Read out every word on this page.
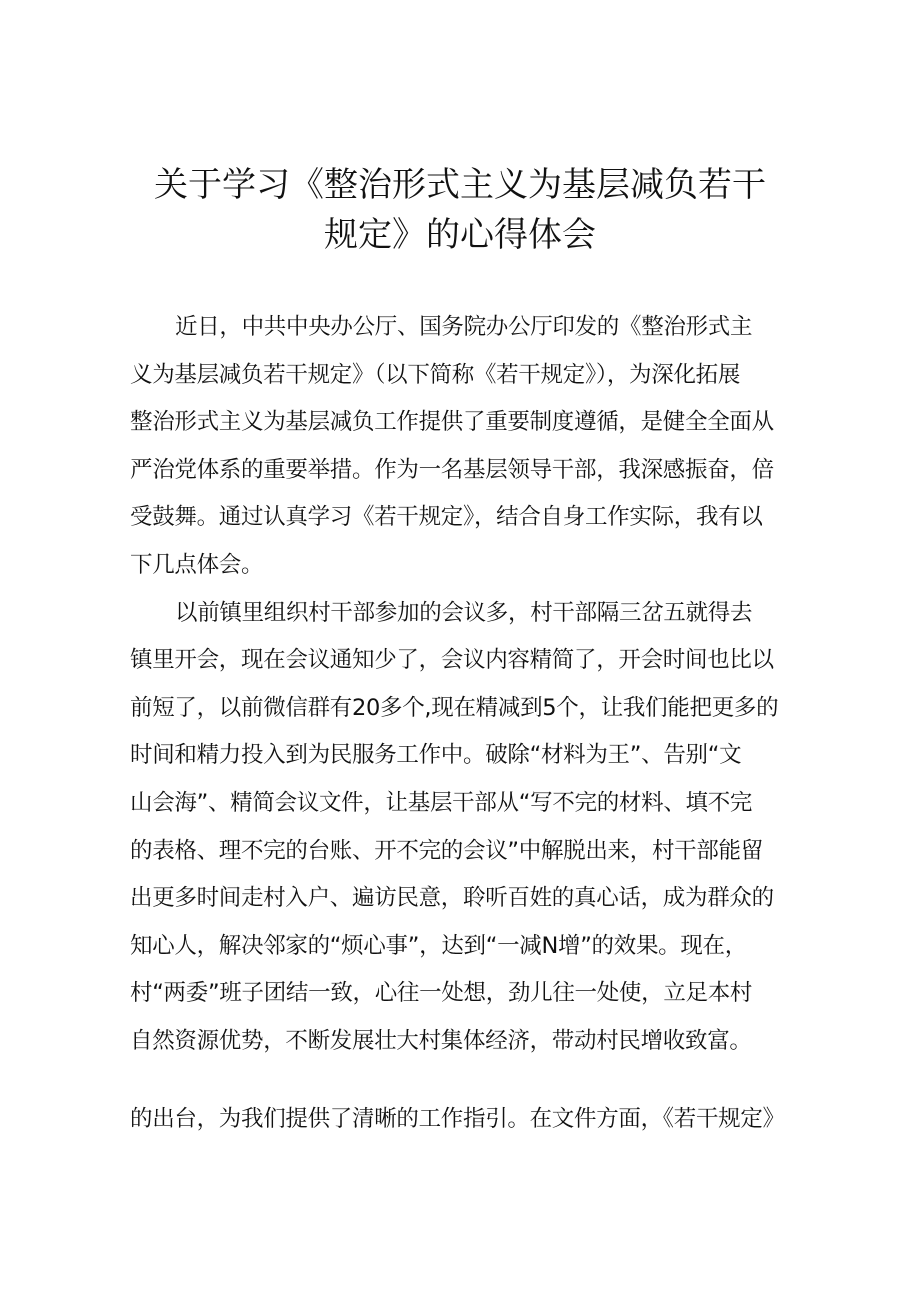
关于学习《整治形式主义为基层减负若干
规定》的心得体会

近日，中共中央办公厅、国务院办公厅印发的《整治形式主
义为基层减负若干规定》（以下简称《若干规定》），为深化拓展
整治形式主义为基层减负工作提供了重要制度遵循，是健全全面从
严治党体系的重要举措。作为一名基层领导干部，我深感振奋，倍
受鼓舞。通过认真学习《若干规定》，结合自身工作实际，我有以
下几点体会。

以前镇里组织村干部参加的会议多，村干部隔三岔五就得去
镇里开会，现在会议通知少了，会议内容精简了，开会时间也比以
前短了，以前微信群有20多个,现在精减到5个，让我们能把更多的
时间和精力投入到为民服务工作中。破除“材料为王”、告别“文
山会海”、精简会议文件，让基层干部从“写不完的材料、填不完
的表格、理不完的台账、开不完的会议”中解脱出来，村干部能留
出更多时间走村入户、遍访民意，聆听百姓的真心话，成为群众的
知心人，解决邻家的“烦心事”，达到“一减N增”的效果。现在，
村“两委”班子团结一致，心往一处想，劲儿往一处使，立足本村
自然资源优势，不断发展壮大村集体经济，带动村民增收致富。

的出台，为我们提供了清晰的工作指引。在文件方面，《若干规定》
